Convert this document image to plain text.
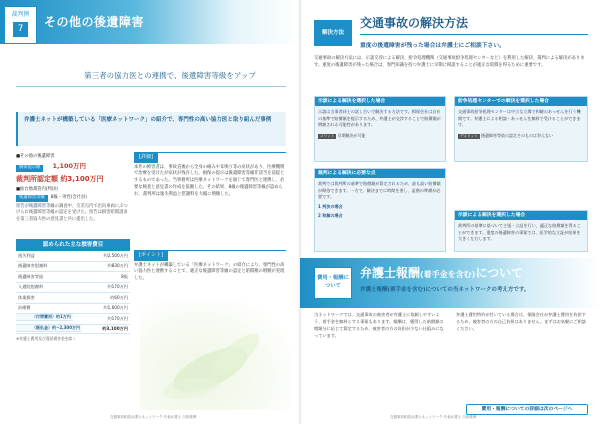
裁判例
7	その他の後遺障害
第三者の協力医との連携で、後遺障害等級をアップ
弁護士ネットが構築している「医療ネットワーク」の紹介で、専門性の高い協力医と取り組んだ事例
■その他の後遺障害
損保提示額 1,100万円
裁判所認定額 約3,100万円
■仙台地裁管内(判決)
後遺障害等級 8級・男性(会社員)
原告が後遺障害等級の調査中、交差点内で出向車両にぶつけられ後遺障害等級の認定を受けた。原告は損害賠償請求を第三者協力医の意見書と共に提出した。
[詳細]
本件の被害者は、事故直後から全身の痛みや耳鳴り等の症状があり、医療機関で治療を受けたが症状が残存した。損保の提示は後遺障害等級非該当を前提とするものであった。当事務所は医療ネットワークを通じて専門医と連携し、必要な検査と意見書の作成を依頼した。その結果、8級の後遺障害等級が認められ、裁判所は逸失利益と慰謝料を大幅に増額した。
[ポイント]
弁護士ネットが構築している「医療ネットワーク」の紹介により、専門性の高い協力医と連携することで、適正な後遺障害等級の認定と賠償額の増額が実現した。
認められた主な損害費目
逸失利益	約2,500万円
後遺障害慰謝料	約830万円
後遺障害等級	8級
入通院慰謝料	約170万円
休業損害	約60万円
治療費	約1,600万円
（付帯費用） 約1万円	約170万円
（既払金） 約−2,300万円	約3,100万円
※弁護士費用及び遅延損害金を除く
交通事故相談弁護士ネットワーク 代表弁護士 川田康博
解決方法
交通事故の解決方法
重度の後遺障害が残った場合は弁護士にご相談下さい。
交通事故の解決方法には、示談交渉による解決、紛争処理機関（交通事故紛争処理センターなど）を利用した解決、裁判による解決があります。重度の後遺障害が残った場合は、専門知識を持つ弁護士に早期に相談することが適正な賠償を得るために重要です。
示談による解決を選択した場合
示談は当事者同士の話し合いで解決する方法です。損保会社は自社の基準で賠償額を提示するため、弁護士が交渉することで賠償額が増額される可能性があります。
メリット 早期解決が可能
紛争処理センターでの解決を選択した場合
交通事故紛争処理センターは中立な立場で和解のあっせんを行う機関です。弁護士による相談・あっせんを無料で受けることができます。
デメリット 後遺障害等級の認定そのものは争えない
裁判による解決に必要な点
裁判では裁判所の基準で賠償額が算定されるため、最も高い賠償額が期待できます。一方で、解決までに時間を要し、証拠の準備が必要です。
1 判決の場合
2 和解の場合	示談による解決を選択した場合
裁判所の基準に基づいて主張・立証を行い、適正な賠償額を得ることができます。重度の後遺障害の事案では、医学的な立証が結果を大きく左右します。
費用・報酬について
弁護士報酬(着手金を含む)について
弁護士報酬(着手金を含む)についての当ネットワークの考え方です。
当ネットワークでは、交通事故の被害者が弁護士に依頼しやすいよう、着手金を無料とする事案もあります。報酬は、獲得した賠償額の増額分に応じて算定するため、被害者の方の負担が少ない仕組みになっています。
弁護士費用特約が付いている場合は、保険会社が弁護士費用を負担するため、被害者の方の自己負担はありません。まずはお気軽にご相談ください。
費用・報酬についての詳細は次のページへ
交通事故相談弁護士ネットワーク 代表弁護士 川田康博
